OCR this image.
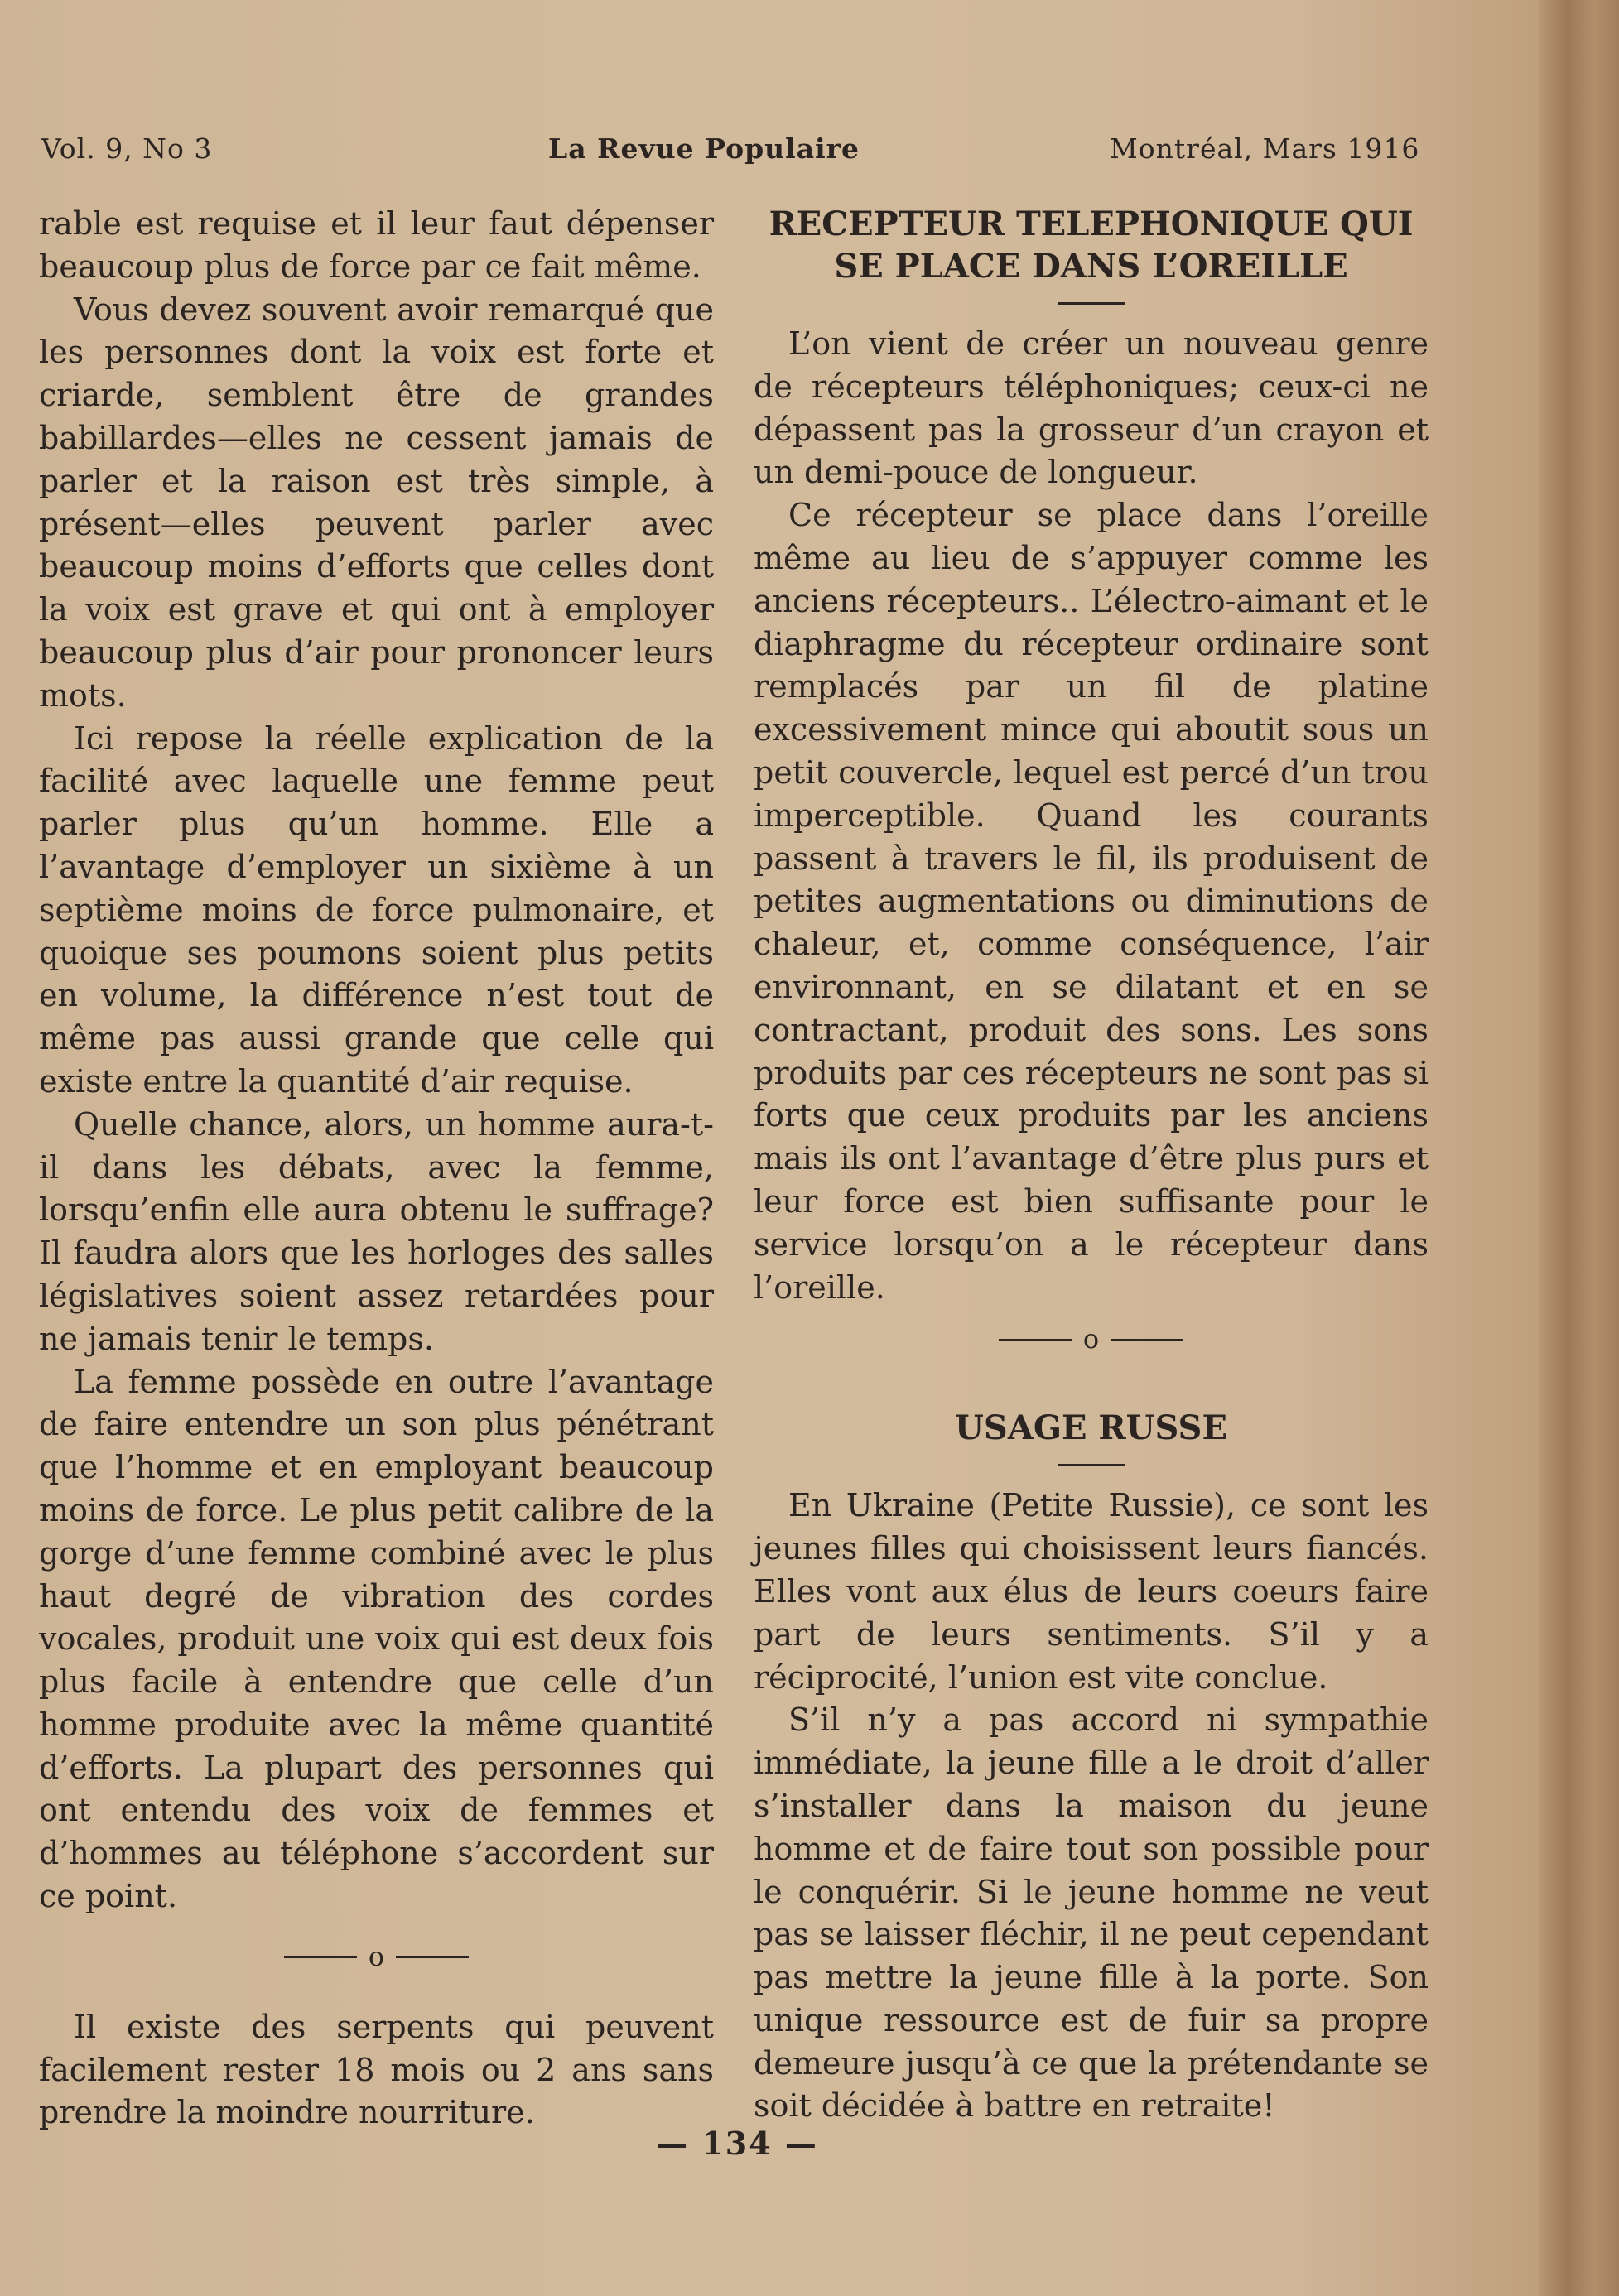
Vol. 9, No 3	La Revue Populaire	Montréal, Mars 1916

rable est requise et il leur faut dépenser beaucoup plus de force par ce fait même.

Vous devez souvent avoir remarqué que les personnes dont la voix est forte et criarde, semblent être de grandes babillardes—elles ne cessent jamais de parler et la raison est très simple, à présent—elles peuvent parler avec beaucoup moins d’efforts que celles dont la voix est grave et qui ont à employer beaucoup plus d’air pour prononcer leurs mots.

Ici repose la réelle explication de la facilité avec laquelle une femme peut parler plus qu’un homme. Elle a l’avantage d’employer un sixième à un septième moins de force pulmonaire, et quoique ses poumons soient plus petits en volume, la différence n’est tout de même pas aussi grande que celle qui existe entre la quantité d’air requise.

Quelle chance, alors, un homme aura-t-il dans les débats, avec la femme, lorsqu’enfin elle aura obtenu le suffrage? Il faudra alors que les horloges des salles législatives soient assez retardées pour ne jamais tenir le temps.

La femme possède en outre l’avantage de faire entendre un son plus pénétrant que l’homme et en employant beaucoup moins de force. Le plus petit calibre de la gorge d’une femme combiné avec le plus haut degré de vibration des cordes vocales, produit une voix qui est deux fois plus facile à entendre que celle d’un homme produite avec la même quantité d’efforts. La plupart des personnes qui ont entendu des voix de femmes et d’hommes au téléphone s’accordent sur ce point.

o

Il existe des serpents qui peuvent facilement rester 18 mois ou 2 ans sans prendre la moindre nourriture.

RECEPTEUR TELEPHONIQUE QUI SE PLACE DANS L’OREILLE

L’on vient de créer un nouveau genre de récepteurs téléphoniques; ceux-ci ne dépassent pas la grosseur d’un crayon et un demi-pouce de longueur.

Ce récepteur se place dans l’oreille même au lieu de s’appuyer comme les anciens récepteurs.. L’électro-aimant et le diaphragme du récepteur ordinaire sont remplacés par un fil de platine excessivement mince qui aboutit sous un petit couvercle, lequel est percé d’un trou imperceptible. Quand les courants passent à travers le fil, ils produisent de petites augmentations ou diminutions de chaleur, et, comme conséquence, l’air environnant, en se dilatant et en se contractant, produit des sons. Les sons produits par ces récepteurs ne sont pas si forts que ceux produits par les anciens mais ils ont l’avantage d’être plus purs et leur force est bien suffisante pour le service lorsqu’on a le récepteur dans l’oreille.

o
USAGE RUSSE

En Ukraine (Petite Russie), ce sont les jeunes filles qui choisissent leurs fiancés. Elles vont aux élus de leurs coeurs faire part de leurs sentiments. S’il y a réciprocité, l’union est vite conclue.

S’il n’y a pas accord ni sympathie immédiate, la jeune fille a le droit d’aller s’installer dans la maison du jeune homme et de faire tout son possible pour le conquérir. Si le jeune homme ne veut pas se laisser fléchir, il ne peut cependant pas mettre la jeune fille à la porte. Son unique ressource est de fuir sa propre demeure jusqu’à ce que la prétendante se soit décidée à battre en retraite!

— 134 —
